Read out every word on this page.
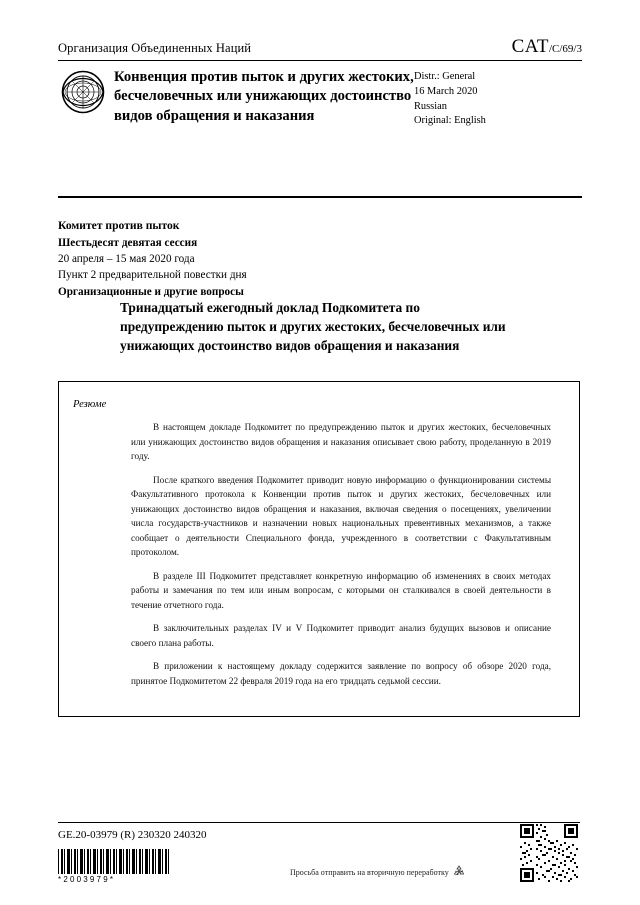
Организация Объединенных Наций	CAT/C/69/3
Конвенция против пыток и других жестоких, бесчеловечных или унижающих достоинство видов обращения и наказания
Distr.: General
16 March 2020
Russian
Original: English
Комитет против пыток
Шестьдесят девятая сессия
20 апреля – 15 мая 2020 года
Пункт 2 предварительной повестки дня
Организационные и другие вопросы
Тринадцатый ежегодный доклад Подкомитета по предупреждению пыток и других жестоких, бесчеловечных или унижающих достоинство видов обращения и наказания
Резюме

В настоящем докладе Подкомитет по предупреждению пыток и других жестоких, бесчеловечных или унижающих достоинство видов обращения и наказания описывает свою работу, проделанную в 2019 году.

После краткого введения Подкомитет приводит новую информацию о функционировании системы Факультативного протокола к Конвенции против пыток и других жестоких, бесчеловечных или унижающих достоинство видов обращения и наказания, включая сведения о посещениях, увеличении числа государств-участников и назначении новых национальных превентивных механизмов, а также сообщает о деятельности Специального фонда, учрежденного в соответствии с Факультативным протоколом.

В разделе III Подкомитет представляет конкретную информацию об изменениях в своих методах работы и замечания по тем или иным вопросам, с которыми он сталкивался в своей деятельности в течение отчетного года.

В заключительных разделах IV и V Подкомитет приводит анализ будущих вызовов и описание своего плана работы.

В приложении к настоящему докладу содержится заявление по вопросу об обзоре 2020 года, принятое Подкомитетом 22 февраля 2019 года на его тридцать седьмой сессии.

GE.20-03979 (R) 230320 240320
*2003979*
Просьба отправить на вторичную переработку
